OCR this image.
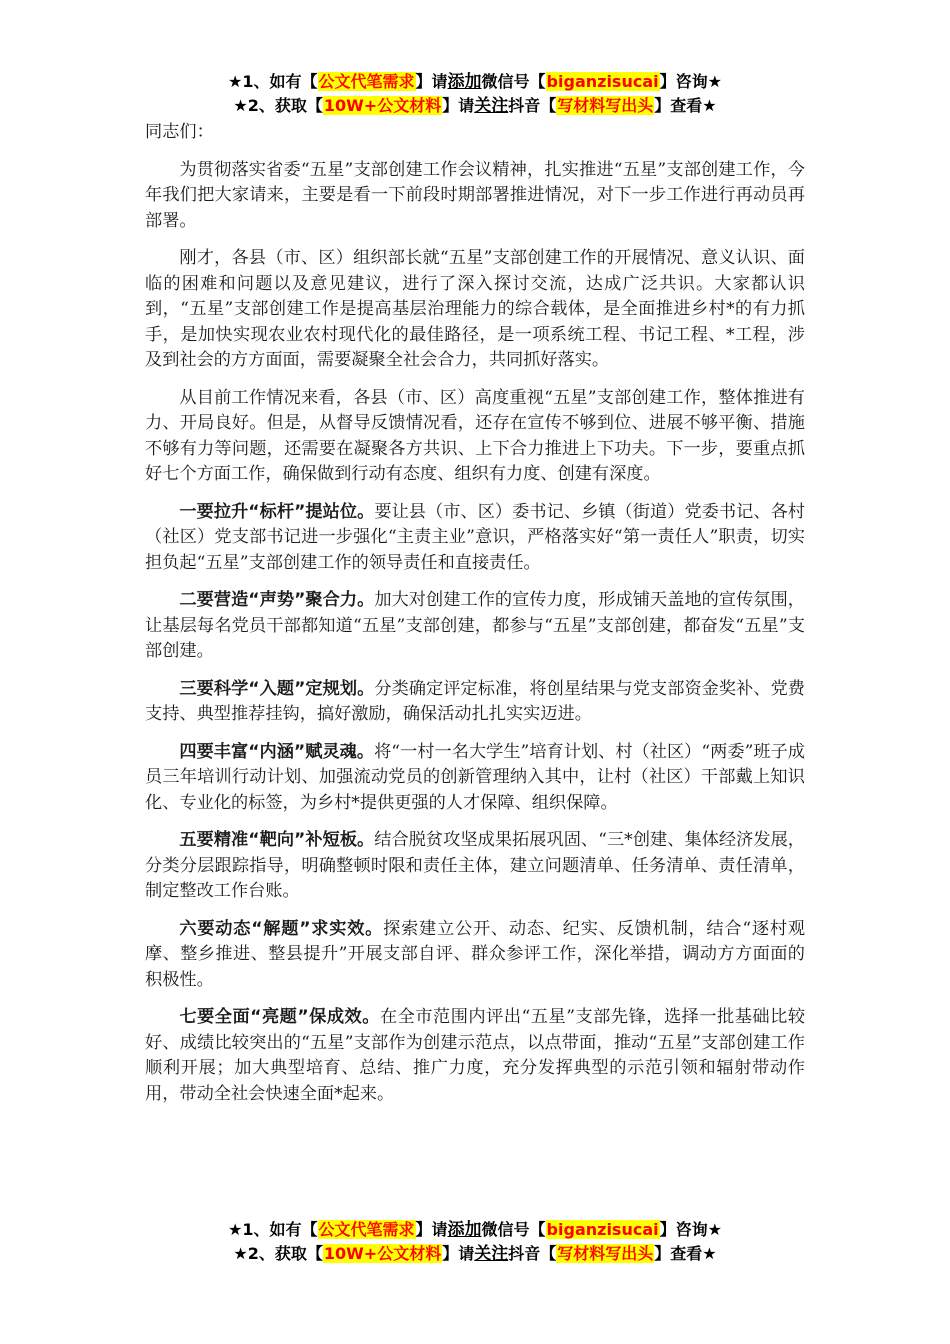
★1、如有【公文代笔需求】请添加微信号【biganzisucai】咨询★
★2、获取【10W+公文材料】请关注抖音【写材料写出头】查看★

同志们：

为贯彻落实省委“五星”支部创建工作会议精神，扎实推进“五星”支部创建工作，今年我们把大家请来，主要是看一下前段时期部署推进情况，对下一步工作进行再动员再部署。

刚才，各县（市、区）组织部长就“五星”支部创建工作的开展情况、意义认识、面临的困难和问题以及意见建议，进行了深入探讨交流，达成广泛共识。大家都认识到，“五星”支部创建工作是提高基层治理能力的综合载体，是全面推进乡村*的有力抓手，是加快实现农业农村现代化的最佳路径，是一项系统工程、书记工程、*工程，涉及到社会的方方面面，需要凝聚全社会合力，共同抓好落实。

从目前工作情况来看，各县（市、区）高度重视“五星”支部创建工作，整体推进有力、开局良好。但是，从督导反馈情况看，还存在宣传不够到位、进展不够平衡、措施不够有力等问题，还需要在凝聚各方共识、上下合力推进上下功夫。下一步，要重点抓好七个方面工作，确保做到行动有态度、组织有力度、创建有深度。

一要拉升“标杆”提站位。要让县（市、区）委书记、乡镇（街道）党委书记、各村（社区）党支部书记进一步强化“主责主业”意识，严格落实好“第一责任人”职责，切实担负起“五星”支部创建工作的领导责任和直接责任。

二要营造“声势”聚合力。加大对创建工作的宣传力度，形成铺天盖地的宣传氛围，让基层每名党员干部都知道“五星”支部创建，都参与“五星”支部创建，都奋发“五星”支部创建。

三要科学“入题”定规划。分类确定评定标准，将创星结果与党支部资金奖补、党费支持、典型推荐挂钩，搞好激励，确保活动扎扎实实迈进。

四要丰富“内涵”赋灵魂。将“一村一名大学生”培育计划、村（社区）“两委”班子成员三年培训行动计划、加强流动党员的创新管理纳入其中，让村（社区）干部戴上知识化、专业化的标签，为乡村*提供更强的人才保障、组织保障。

五要精准“靶向”补短板。结合脱贫攻坚成果拓展巩固、“三*创建、集体经济发展，分类分层跟踪指导，明确整顿时限和责任主体，建立问题清单、任务清单、责任清单，制定整改工作台账。

六要动态“解题”求实效。探索建立公开、动态、纪实、反馈机制，结合“逐村观摩、整乡推进、整县提升”开展支部自评、群众参评工作，深化举措，调动方方面面的积极性。

七要全面“亮题”保成效。在全市范围内评出“五星”支部先锋，选择一批基础比较好、成绩比较突出的“五星”支部作为创建示范点，以点带面，推动“五星”支部创建工作顺利开展；加大典型培育、总结、推广力度，充分发挥典型的示范引领和辐射带动作用，带动全社会快速全面*起来。

★1、如有【公文代笔需求】请添加微信号【biganzisucai】咨询★
★2、获取【10W+公文材料】请关注抖音【写材料写出头】查看★
